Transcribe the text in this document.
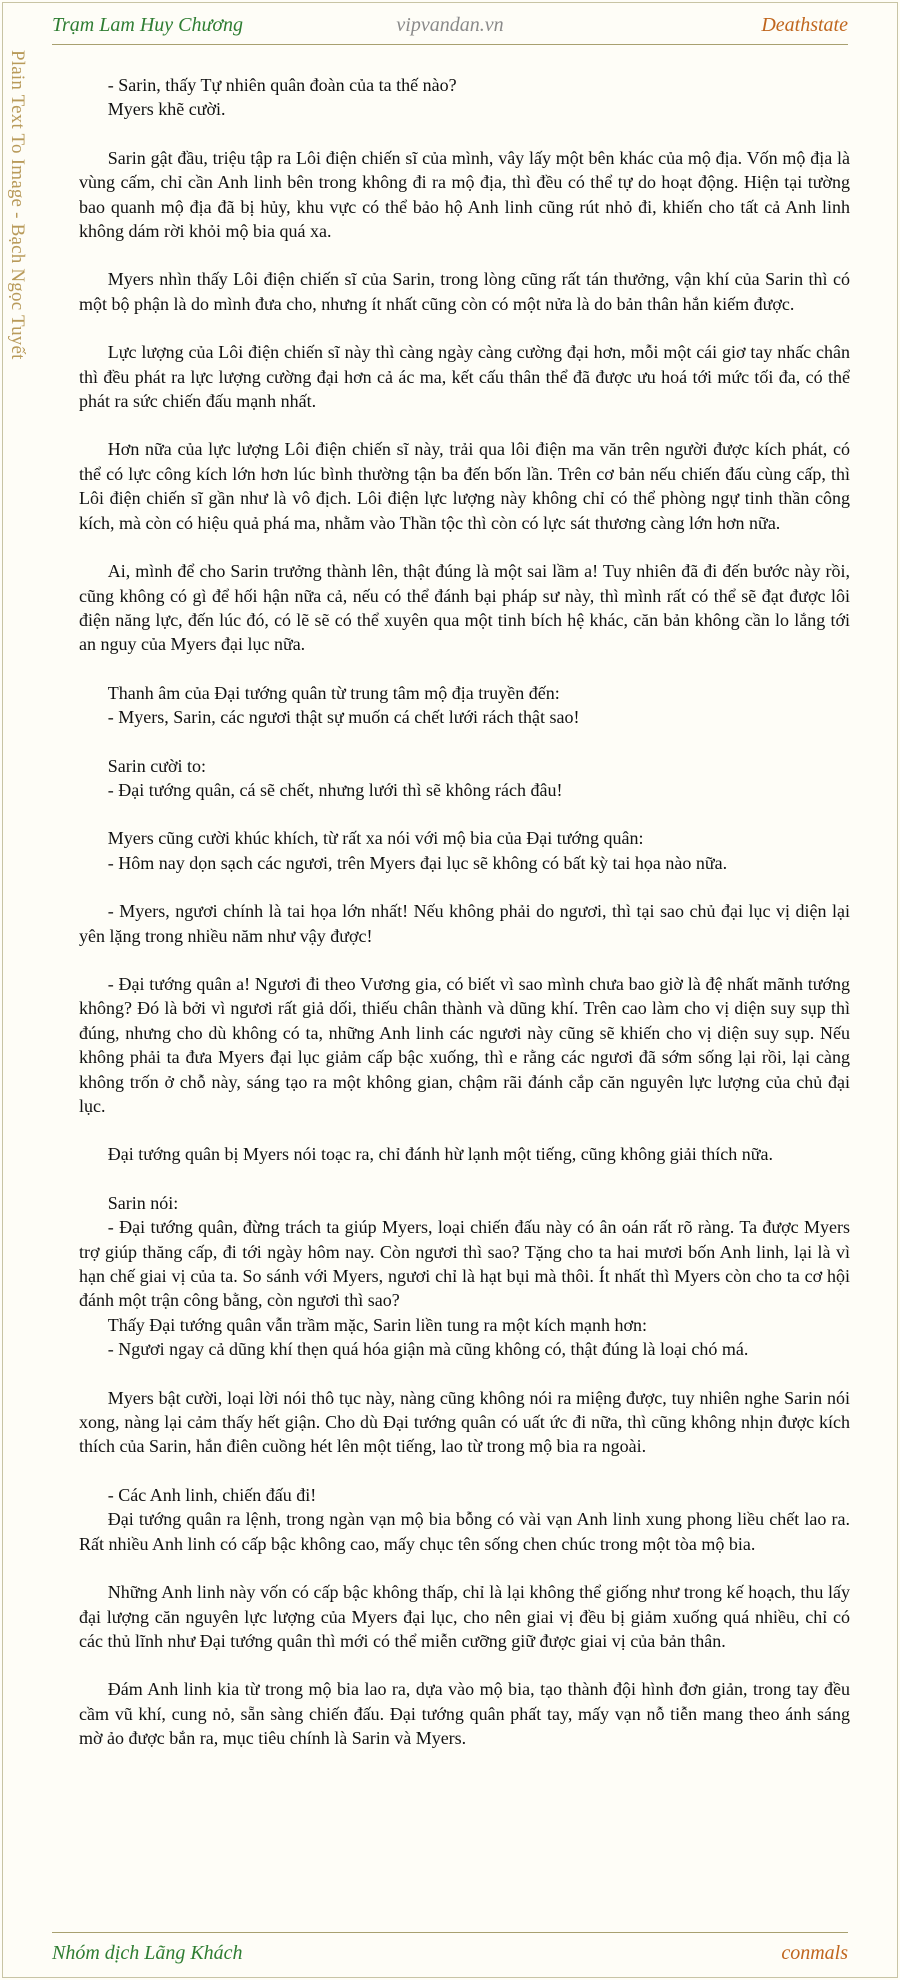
Trạm Lam Huy Chương	vipvandan.vn	Deathstate
Plain Text To Image - Bạch Ngọc Tuyết	- Sarin, thấy Tự nhiên quân đoàn của ta thế nào?
Myers khẽ cười.
Sarin gật đầu, triệu tập ra Lôi điện chiến sĩ của mình, vây lấy một bên khác của mộ địa. Vốn mộ địa là vùng cấm, chỉ cần Anh linh bên trong không đi ra mộ địa, thì đều có thể tự do hoạt động. Hiện tại tường bao quanh mộ địa đã bị hủy, khu vực có thể bảo hộ Anh linh cũng rút nhỏ đi, khiến cho tất cả Anh linh không dám rời khỏi mộ bia quá xa.
Myers nhìn thấy Lôi điện chiến sĩ của Sarin, trong lòng cũng rất tán thưởng, vận khí của Sarin thì có một bộ phận là do mình đưa cho, nhưng ít nhất cũng còn có một nửa là do bản thân hắn kiếm được.
Lực lượng của Lôi điện chiến sĩ này thì càng ngày càng cường đại hơn, mỗi một cái giơ tay nhấc chân thì đều phát ra lực lượng cường đại hơn cả ác ma, kết cấu thân thể đã được ưu hoá tới mức tối đa, có thể phát ra sức chiến đấu mạnh nhất.
Hơn nữa của lực lượng Lôi điện chiến sĩ này, trải qua lôi điện ma văn trên người được kích phát, có thể có lực công kích lớn hơn lúc bình thường tận ba đến bốn lần. Trên cơ bản nếu chiến đấu cùng cấp, thì Lôi điện chiến sĩ gần như là vô địch. Lôi điện lực lượng này không chỉ có thể phòng ngự tinh thần công kích, mà còn có hiệu quả phá ma, nhằm vào Thần tộc thì còn có lực sát thương càng lớn hơn nữa.
Ai, mình để cho Sarin trưởng thành lên, thật đúng là một sai lầm a! Tuy nhiên đã đi đến bước này rồi, cũng không có gì để hối hận nữa cả, nếu có thể đánh bại pháp sư này, thì mình rất có thể sẽ đạt được lôi điện năng lực, đến lúc đó, có lẽ sẽ có thể xuyên qua một tinh bích hệ khác, căn bản không cần lo lắng tới an nguy của Myers đại lục nữa.
Thanh âm của Đại tướng quân từ trung tâm mộ địa truyền đến:
- Myers, Sarin, các ngươi thật sự muốn cá chết lưới rách thật sao!
Sarin cười to:
- Đại tướng quân, cá sẽ chết, nhưng lưới thì sẽ không rách đâu!
Myers cũng cười khúc khích, từ rất xa nói với mộ bia của Đại tướng quân:
- Hôm nay dọn sạch các ngươi, trên Myers đại lục sẽ không có bất kỳ tai họa nào nữa.
- Myers, ngươi chính là tai họa lớn nhất! Nếu không phải do ngươi, thì tại sao chủ đại lục vị diện lại yên lặng trong nhiều năm như vậy được!
- Đại tướng quân a! Ngươi đi theo Vương gia, có biết vì sao mình chưa bao giờ là đệ nhất mãnh tướng không? Đó là bởi vì ngươi rất giả dối, thiếu chân thành và dũng khí. Trên cao làm cho vị diện suy sụp thì đúng, nhưng cho dù không có ta, những Anh linh các ngươi này cũng sẽ khiến cho vị diện suy sụp. Nếu không phải ta đưa Myers đại lục giảm cấp bậc xuống, thì e rằng các ngươi đã sớm sống lại rồi, lại càng không trốn ở chỗ này, sáng tạo ra một không gian, chậm rãi đánh cắp căn nguyên lực lượng của chủ đại lục.
Đại tướng quân bị Myers nói toạc ra, chỉ đánh hừ lạnh một tiếng, cũng không giải thích nữa.
Sarin nói:
- Đại tướng quân, đừng trách ta giúp Myers, loại chiến đấu này có ân oán rất rõ ràng. Ta được Myers trợ giúp thăng cấp, đi tới ngày hôm nay. Còn ngươi thì sao? Tặng cho ta hai mươi bốn Anh linh, lại là vì hạn chế giai vị của ta. So sánh với Myers, ngươi chỉ là hạt bụi mà thôi. Ít nhất thì Myers còn cho ta cơ hội đánh một trận công bằng, còn ngươi thì sao?
Thấy Đại tướng quân vẫn trầm mặc, Sarin liền tung ra một kích mạnh hơn:
- Ngươi ngay cả dũng khí thẹn quá hóa giận mà cũng không có, thật đúng là loại chó má.
Myers bật cười, loại lời nói thô tục này, nàng cũng không nói ra miệng được, tuy nhiên nghe Sarin nói xong, nàng lại cảm thấy hết giận. Cho dù Đại tướng quân có uất ức đi nữa, thì cũng không nhịn được kích thích của Sarin, hắn điên cuồng hét lên một tiếng, lao từ trong mộ bia ra ngoài.
- Các Anh linh, chiến đấu đi!
Đại tướng quân ra lệnh, trong ngàn vạn mộ bia bỗng có vài vạn Anh linh xung phong liều chết lao ra. Rất nhiều Anh linh có cấp bậc không cao, mấy chục tên sống chen chúc trong một tòa mộ bia.
Những Anh linh này vốn có cấp bậc không thấp, chỉ là lại không thể giống như trong kế hoạch, thu lấy đại lượng căn nguyên lực lượng của Myers đại lục, cho nên giai vị đều bị giảm xuống quá nhiều, chỉ có các thủ lĩnh như Đại tướng quân thì mới có thể miễn cưỡng giữ được giai vị của bản thân.
Đám Anh linh kia từ trong mộ bia lao ra, dựa vào mộ bia, tạo thành đội hình đơn giản, trong tay đều cầm vũ khí, cung nỏ, sẵn sàng chiến đấu. Đại tướng quân phất tay, mấy vạn nỗ tiễn mang theo ánh sáng mờ ảo được bắn ra, mục tiêu chính là Sarin và Myers.
Nhóm dịch Lãng Khách	conmals
